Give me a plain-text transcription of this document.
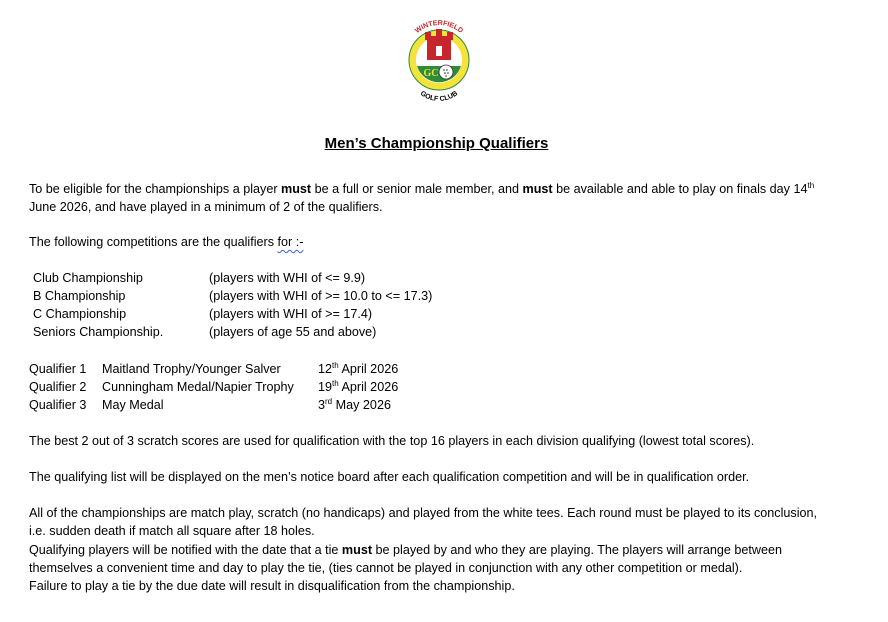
GC
WINTERFIELD
GOLF CLUB
Men’s Championship Qualifiers
To be eligible for the championships a player must be a full or senior male member, and must be available and able to play on finals day 14th
June 2026, and have played in a minimum of 2 of the qualifiers.
The following competitions are the qualifiers for :-
Club Championship	(players with WHI of <= 9.9)
B Championship	(players with WHI of >= 10.0 to <= 17.3)
C Championship	(players with WHI of >= 17.4)
Seniors Championship.	(players of age 55 and above)
Qualifier 1 Maitland Trophy/Younger Salver	12th April 2026
Qualifier 2 Cunningham Medal/Napier Trophy 19th April 2026
Qualifier 3 May Medal	3rd May 2026
The best 2 out of 3 scratch scores are used for qualification with the top 16 players in each division qualifying (lowest total scores).
The qualifying list will be displayed on the men’s notice board after each qualification competition and will be in qualification order.
All of the championships are match play, scratch (no handicaps) and played from the white tees. Each round must be played to its conclusion,
i.e. sudden death if match all square after 18 holes.
Qualifying players will be notified with the date that a tie must be played by and who they are playing. The players will arrange between
themselves a convenient time and day to play the tie, (ties cannot be played in conjunction with any other competition or medal).
Failure to play a tie by the due date will result in disqualification from the championship.
